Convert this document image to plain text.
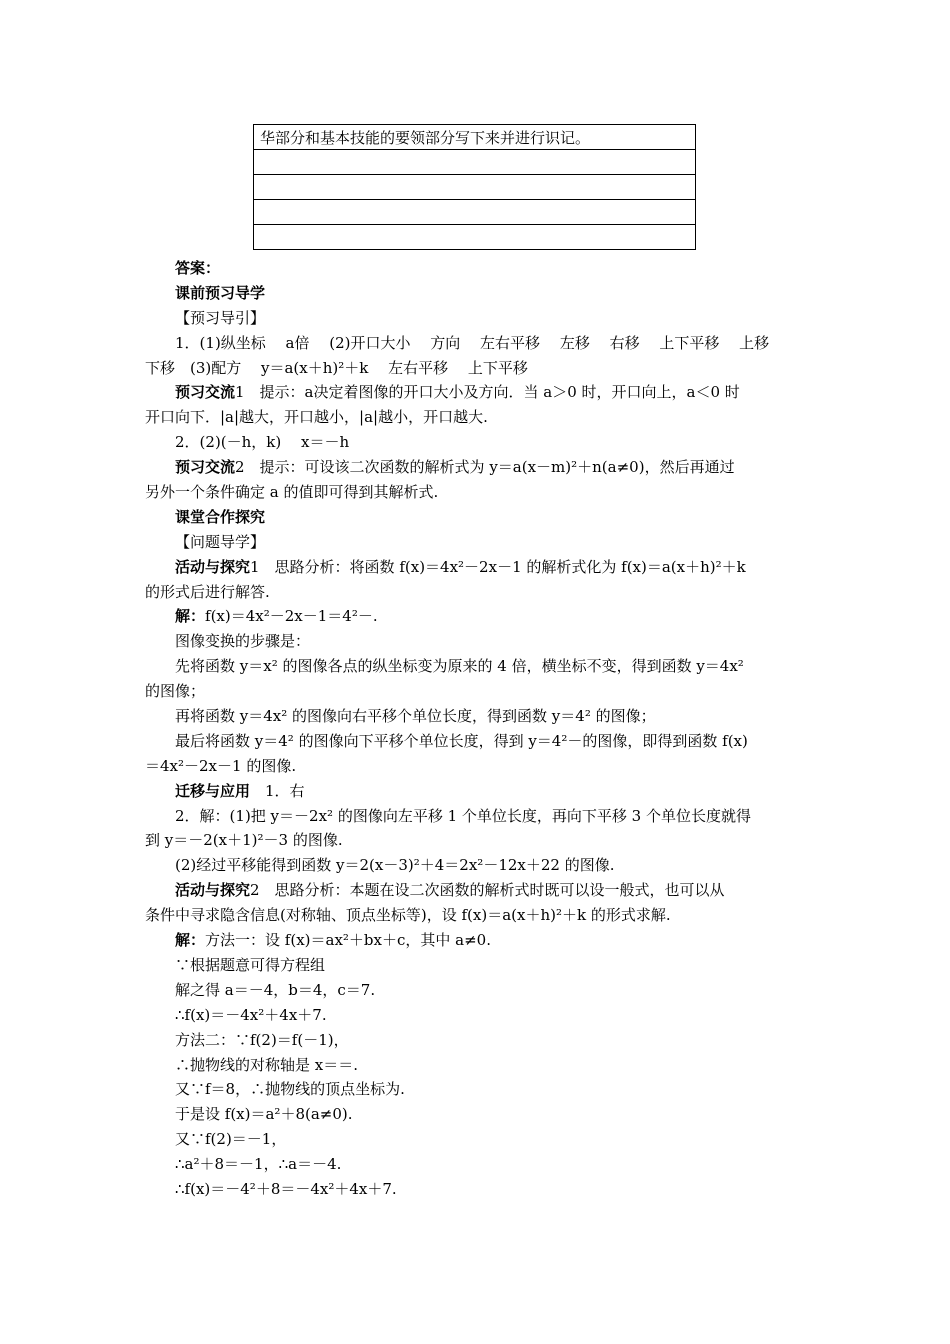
华部分和基本技能的要领部分写下来并进行识记。

答案：
课前预习导学
【预习导引】
1．(1)纵坐标　 a倍　 (2)开口大小　 方向　 左右平移　 左移　 右移　 上下平移　 上移
下移　(3)配方　 y＝a(x＋h)²＋k　 左右平移　 上下平移
预习交流1　提示：a决定着图像的开口大小及方向．当 a＞0 时，开口向上，a＜0 时
开口向下．|a|越大，开口越小，|a|越小，开口越大.
2．(2)(－h，k)　 x＝－h
预习交流2　提示：可设该二次函数的解析式为 y＝a(x－m)²＋n(a≠0)，然后再通过
另外一个条件确定 a 的值即可得到其解析式.
课堂合作探究
【问题导学】
活动与探究1　思路分析：将函数 f(x)＝4x²－2x－1 的解析式化为 f(x)＝a(x＋h)²＋k
的形式后进行解答.
解：f(x)＝4x²－2x－1＝4²－.
图像变换的步骤是：
先将函数 y＝x² 的图像各点的纵坐标变为原来的 4 倍，横坐标不变，得到函数 y＝4x²
的图像；
再将函数 y＝4x² 的图像向右平移个单位长度，得到函数 y＝4² 的图像；
最后将函数 y＝4² 的图像向下平移个单位长度，得到 y＝4²－的图像，即得到函数 f(x)
＝4x²－2x－1 的图像.
迁移与应用　1．右
2．解：(1)把 y＝－2x² 的图像向左平移 1 个单位长度，再向下平移 3 个单位长度就得
到 y＝－2(x＋1)²－3 的图像.
(2)经过平移能得到函数 y＝2(x－3)²＋4＝2x²－12x＋22 的图像.
活动与探究2　思路分析：本题在设二次函数的解析式时既可以设一般式，也可以从
条件中寻求隐含信息(对称轴、顶点坐标等)，设 f(x)＝a(x＋h)²＋k 的形式求解.
解：方法一：设 f(x)＝ax²＋bx＋c，其中 a≠0.
∵根据题意可得方程组
解之得 a＝－4，b＝4，c＝7.
∴f(x)＝－4x²＋4x＋7.
方法二：∵f(2)＝f(－1)，
∴抛物线的对称轴是 x＝＝.
又∵f＝8，∴抛物线的顶点坐标为.
于是设 f(x)＝a²＋8(a≠0).
又∵f(2)＝－1，
∴a²＋8＝－1，∴a＝－4.
∴f(x)＝－4²＋8＝－4x²＋4x＋7.
